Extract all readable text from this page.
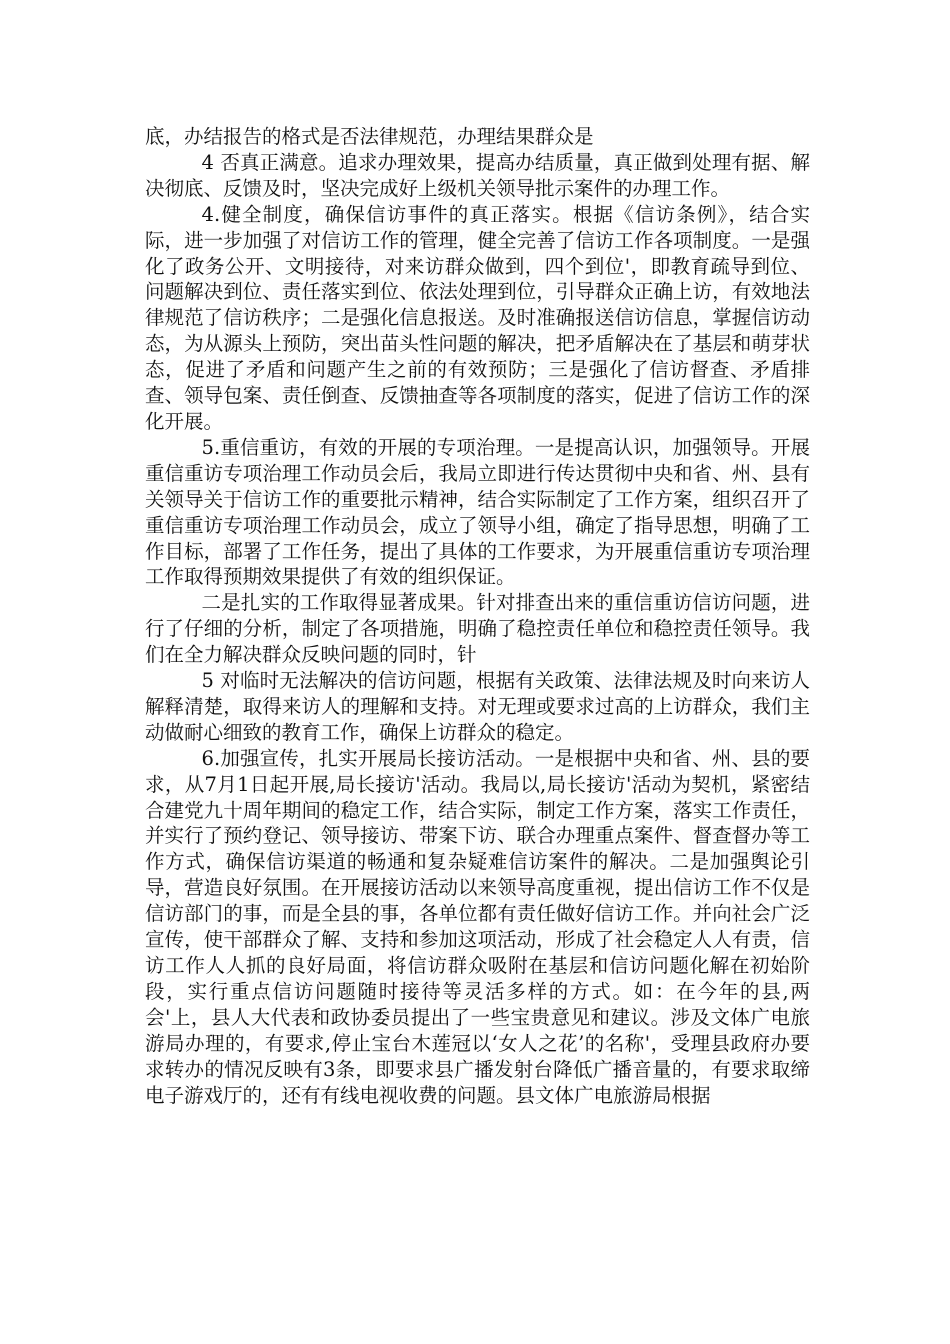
底，办结报告的格式是否法律规范，办理结果群众是

4 否真正满意。追求办理效果，提高办结质量，真正做到处理有据、解决彻底、反馈及时，坚决完成好上级机关领导批示案件的办理工作。

4.健全制度，确保信访事件的真正落实。根据《信访条例》，结合实际，进一步加强了对信访工作的管理，健全完善了信访工作各项制度。一是强化了政务公开、文明接待，对来访群众做到，四个到位'，即教育疏导到位、问题解决到位、责任落实到位、依法处理到位，引导群众正确上访，有效地法律规范了信访秩序；二是强化信息报送。及时准确报送信访信息，掌握信访动态，为从源头上预防，突出苗头性问题的解决，把矛盾解决在了基层和萌芽状态，促进了矛盾和问题产生之前的有效预防；三是强化了信访督查、矛盾排查、领导包案、责任倒查、反馈抽查等各项制度的落实，促进了信访工作的深化开展。

5.重信重访，有效的开展的专项治理。一是提高认识，加强领导。开展重信重访专项治理工作动员会后，我局立即进行传达贯彻中央和省、州、县有关领导关于信访工作的重要批示精神，结合实际制定了工作方案，组织召开了重信重访专项治理工作动员会，成立了领导小组，确定了指导思想，明确了工作目标，部署了工作任务，提出了具体的工作要求，为开展重信重访专项治理工作取得预期效果提供了有效的组织保证。

二是扎实的工作取得显著成果。针对排查出来的重信重访信访问题，进行了仔细的分析，制定了各项措施，明确了稳控责任单位和稳控责任领导。我们在全力解决群众反映问题的同时，针

5 对临时无法解决的信访问题，根据有关政策、法律法规及时向来访人解释清楚，取得来访人的理解和支持。对无理或要求过高的上访群众，我们主动做耐心细致的教育工作，确保上访群众的稳定。

6.加强宣传，扎实开展局长接访活动。一是根据中央和省、州、县的要求，从7月1日起开展,局长接访'活动。我局以,局长接访'活动为契机，紧密结合建党九十周年期间的稳定工作，结合实际，制定工作方案，落实工作责任，并实行了预约登记、领导接访、带案下访、联合办理重点案件、督查督办等工作方式，确保信访渠道的畅通和复杂疑难信访案件的解决。二是加强舆论引导，营造良好氛围。在开展接访活动以来领导高度重视，提出信访工作不仅是信访部门的事，而是全县的事，各单位都有责任做好信访工作。并向社会广泛宣传，使干部群众了解、支持和参加这项活动，形成了社会稳定人人有责，信访工作人人抓的良好局面，将信访群众吸附在基层和信访问题化解在初始阶段，实行重点信访问题随时接待等灵活多样的方式。如：在今年的县,两会'上，县人大代表和政协委员提出了一些宝贵意见和建议。涉及文体广电旅游局办理的，有要求,停止宝台木莲冠以‘女人之花’的名称'，受理县政府办要求转办的情况反映有3条，即要求县广播发射台降低广播音量的，有要求取缔电子游戏厅的，还有有线电视收费的问题。县文体广电旅游局根据
